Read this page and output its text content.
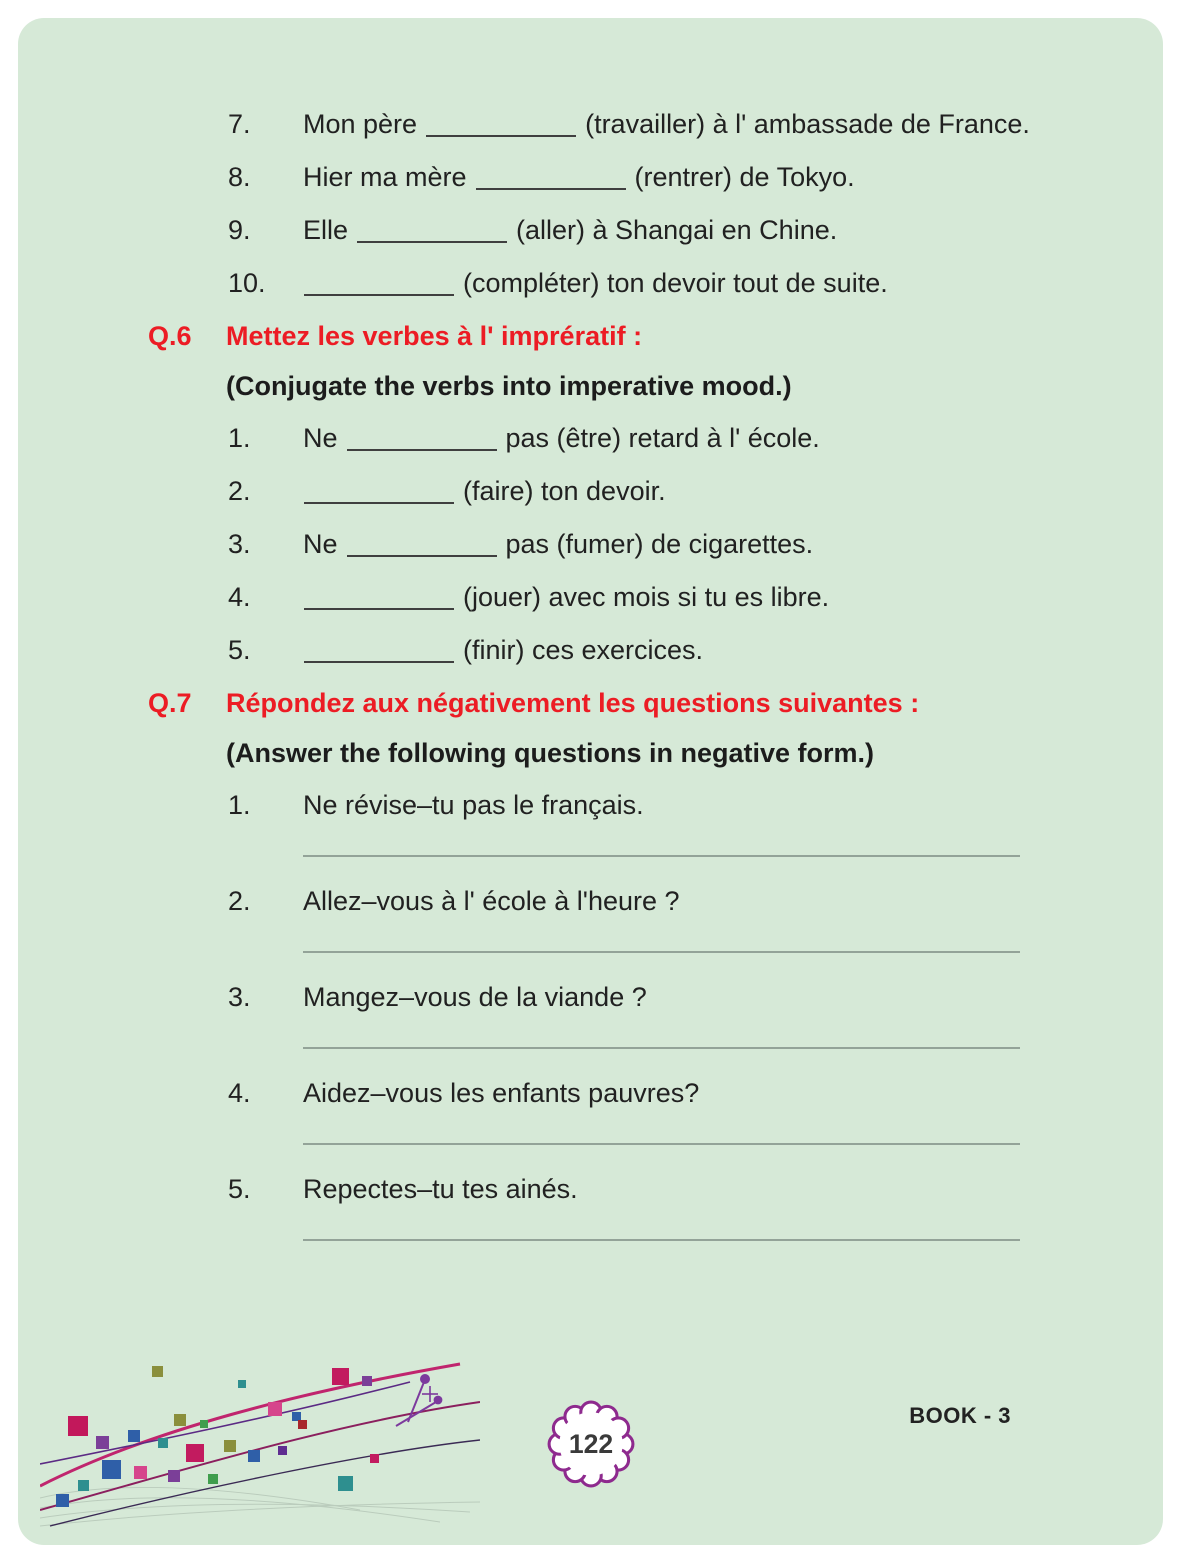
7.	Mon père	(travailler) à l' ambassade de France.
8.	Hier ma mère	(rentrer) de Tokyo.
9.	Elle	(aller) à Shangai en Chine.
10.	(compléter) ton devoir tout de suite.
Q.6	Mettez les verbes à l' imprératif :
(Conjugate the verbs into imperative mood.)
1.	Ne	pas (être) retard à l' école.
2.	(faire) ton devoir.
3.	Ne	pas (fumer) de cigarettes.
4.	(jouer) avec mois si tu es libre.
5.	(finir) ces exercices.
Q.7	Répondez aux négativement les questions suivantes :
(Answer the following questions in negative form.)
1.	Ne révise–tu pas le français.
2.	Allez–vous à l' école à l'heure ?
3.	Mangez–vous de la viande ?
4.	Aidez–vous les enfants pauvres?
5.	Repectes–tu tes ainés.
122
BOOK - 3
